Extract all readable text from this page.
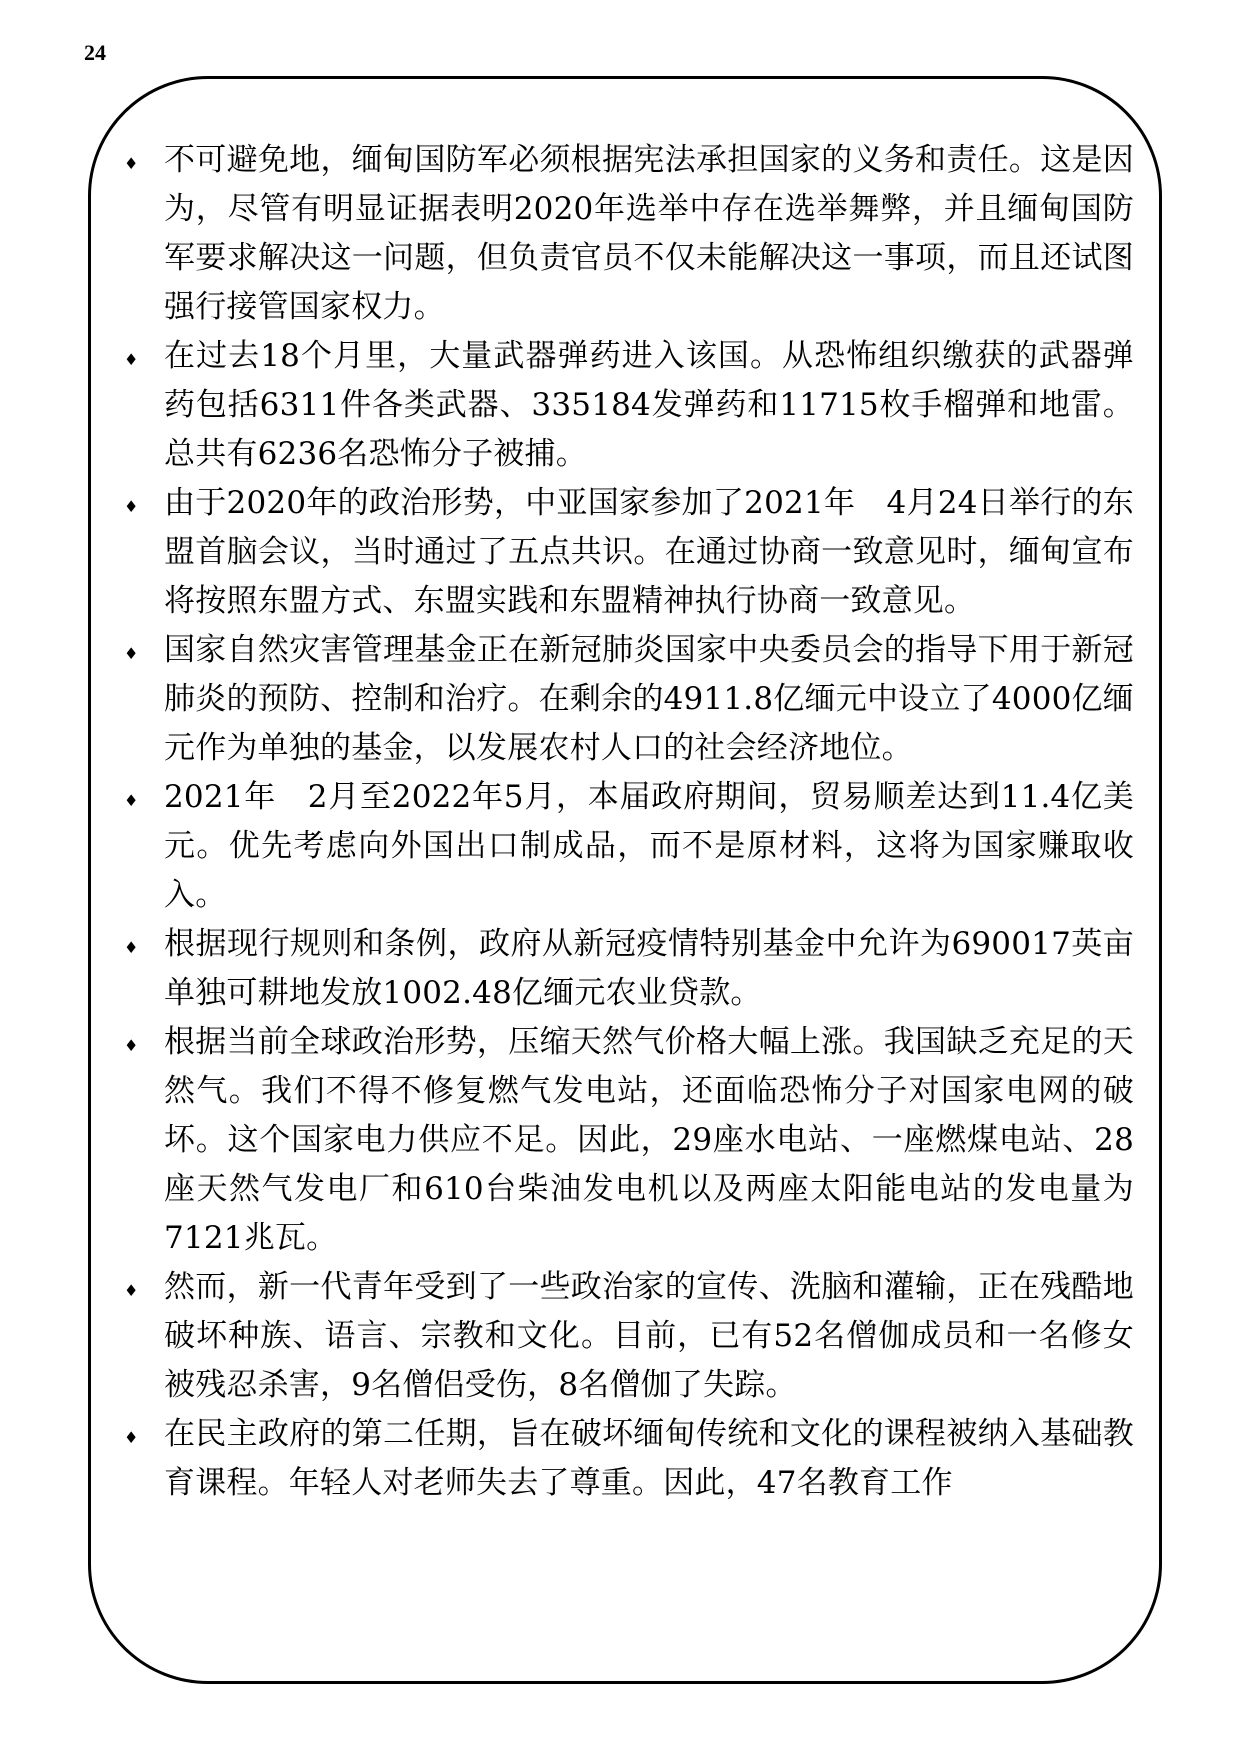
24
♦ 不可避免地，缅甸国防军必须根据宪法承担国家的义务和责任。这是因为，尽管有明显证据表明2020年选举中存在选举舞弊，并且缅甸国防军要求解决这一问题，但负责官员不仅未能解决这一事项，而且还试图强行接管国家权力。
♦ 在过去18个月里，大量武器弹药进入该国。从恐怖组织缴获的武器弹药包括6311件各类武器、335184发弹药和11715枚手榴弹和地雷。总共有6236名恐怖分子被捕。
♦ 由于2020年的政治形势，中亚国家参加了2021年　4月24日举行的东盟首脑会议，当时通过了五点共识。在通过协商一致意见时，缅甸宣布将按照东盟方式、东盟实践和东盟精神执行协商一致意见。
♦ 国家自然灾害管理基金正在新冠肺炎国家中央委员会的指导下用于新冠肺炎的预防、控制和治疗。在剩余的4911.8亿缅元中设立了4000亿缅元作为单独的基金，以发展农村人口的社会经济地位。
♦ 2021年　2月至2022年5月，本届政府期间，贸易顺差达到11.4亿美元。优先考虑向外国出口制成品，而不是原材料，这将为国家赚取收入。
♦ 根据现行规则和条例，政府从新冠疫情特别基金中允许为690017英亩单独可耕地发放1002.48亿缅元农业贷款。
♦ 根据当前全球政治形势，压缩天然气价格大幅上涨。我国缺乏充足的天然气。我们不得不修复燃气发电站，还面临恐怖分子对国家电网的破坏。这个国家电力供应不足。因此，29座水电站、一座燃煤电站、28座天然气发电厂和610台柴油发电机以及两座太阳能电站的发电量为7121兆瓦。
♦ 然而，新一代青年受到了一些政治家的宣传、洗脑和灌输，正在残酷地破坏种族、语言、宗教和文化。目前，已有52名僧伽成员和一名修女被残忍杀害，9名僧侣受伤，8名僧伽了失踪。
♦ 在民主政府的第二任期，旨在破坏缅甸传统和文化的课程被纳入基础教育课程。年轻人对老师失去了尊重。因此，47名教育工作
